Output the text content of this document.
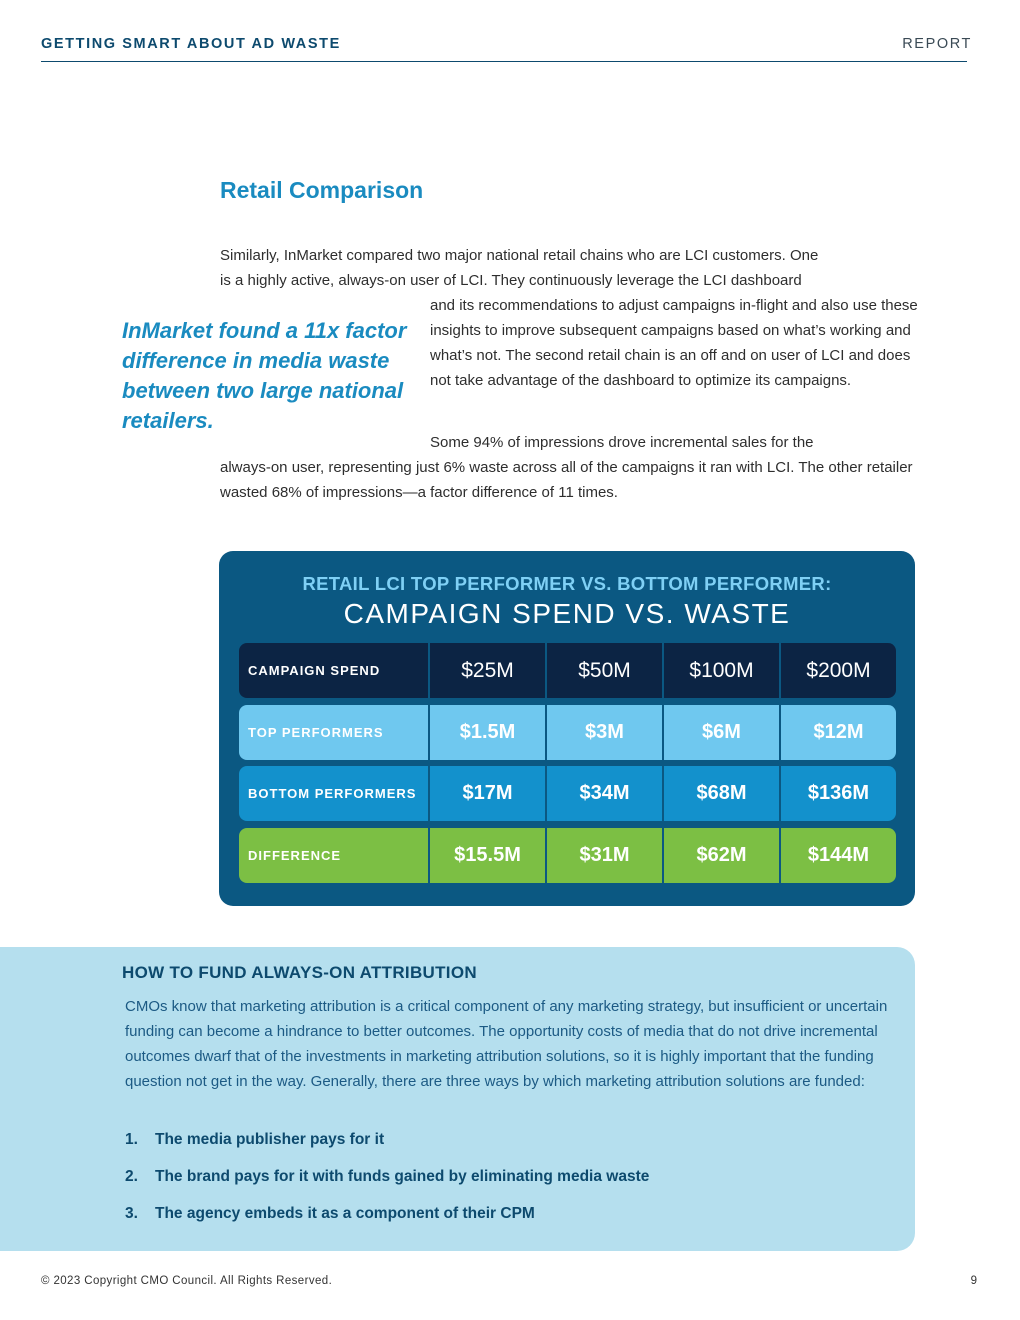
GETTING SMART ABOUT AD WASTE	REPORT
Retail Comparison
Similarly, InMarket compared two major national retail chains who are LCI customers. One
is a highly active, always-on user of LCI. They continuously leverage the LCI dashboard

and its recommendations to adjust campaigns in-flight and also use these insights to improve subsequent campaigns based on what’s working and what’s not. The second retail chain is an off and on user of LCI and does not take advantage of the dashboard to optimize its campaigns.

InMarket found a 11x factor difference in media waste between two large national retailers.

Some 94% of impressions drove incremental sales for the

always-on user, representing just 6% waste across all of the campaigns it ran with LCI. The other retailer wasted 68% of impressions—a factor difference of 11 times.

RETAIL LCI TOP PERFORMER VS. BOTTOM PERFORMER:
CAMPAIGN SPEND VS. WASTE
CAMPAIGN SPEND	$25M	$50M	$100M	$200M
TOP PERFORMERS	$1.5M	$3M	$6M	$12M
BOTTOM PERFORMERS	$17M	$34M	$68M	$136M
DIFFERENCE	$15.5M	$31M	$62M	$144M
HOW TO FUND ALWAYS-ON ATTRIBUTION

CMOs know that marketing attribution is a critical component of any marketing strategy, but insufficient or uncertain funding can become a hindrance to better outcomes. The opportunity costs of media that do not drive incremental outcomes dwarf that of the investments in marketing attribution solutions, so it is highly important that the funding question not get in the way. Generally, there are three ways by which marketing attribution solutions are funded:

1.	The media publisher pays for it
2.	The brand pays for it with funds gained by eliminating media waste
3.	The agency embeds it as a component of their CPM
© 2023 Copyright CMO Council. All Rights Reserved.	9
